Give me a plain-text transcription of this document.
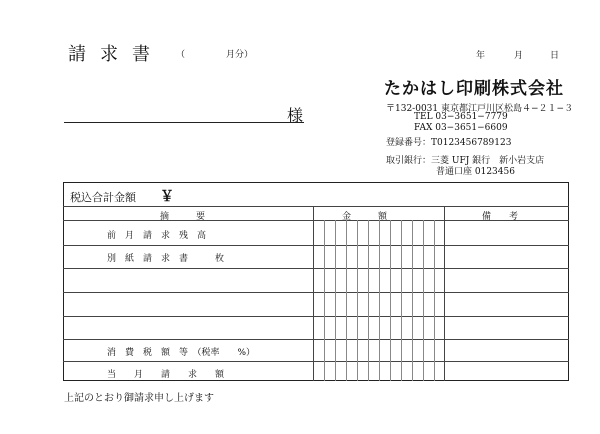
請求書 （	月分）	年	月	日
様
たかはし印刷株式会社
〒132-0031 東京都江戸川区松島４−２１−３
TEL 03−3651−7779
FAX 03−3651−6609
登録番号：T0123456789123
取引銀行：三菱 UFJ 銀行　新小岩支店
普通口座 0123456
税込合計金額 ￥
摘　　　要	金　　　額	備　　考
前　月　請　求　残　高
別　紙　請　求　書　　　枚
消　費　税　額　等　（税率　　%）
当　　月　　請　　求　　額
上記のとおり御請求申し上げます
